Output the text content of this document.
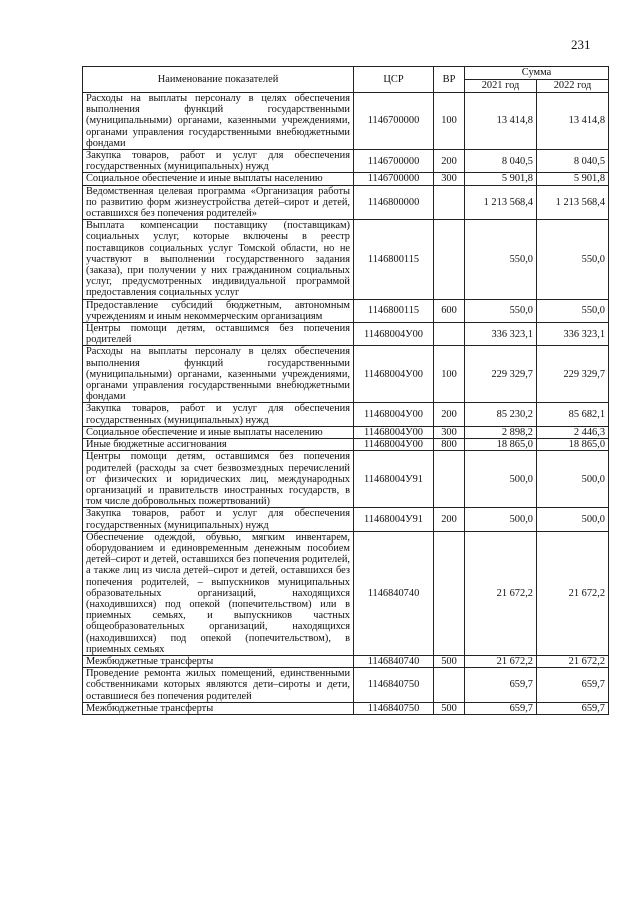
231
Наименование показателей	ЦСР	ВР	Сумма	
			2021 год	2022 год
Расходы на выплаты персоналу в целях обеспечения выполнения функций государственными (муниципальными) органами, казенными учреждениями, органами управления государственными внебюджетными фондами	1146700000	100	13 414,8	13 414,8
Закупка товаров, работ и услуг для обеспечения государственных (муниципальных) нужд	1146700000	200	8 040,5	8 040,5
Социальное обеспечение и иные выплаты населению	1146700000	300	5 901,8	5 901,8
Ведомственная целевая программа «Организация работы по развитию форм жизнеустройства детей–сирот и детей, оставшихся без попечения родителей»	1146800000		1 213 568,4	1 213 568,4
Выплата компенсации поставщику (поставщикам) социальных услуг, которые включены в реестр поставщиков социальных услуг Томской области, но не участвуют в выполнении государственного задания (заказа), при получении у них гражданином социальных услуг, предусмотренных индивидуальной программой предоставления социальных услуг	1146800115		550,0	550,0
Предоставление субсидий бюджетным, автономным учреждениям и иным некоммерческим организациям	1146800115	600	550,0	550,0
Центры помощи детям, оставшимся без попечения родителей	11468004У00		336 323,1	336 323,1
Расходы на выплаты персоналу в целях обеспечения выполнения функций государственными (муниципальными) органами, казенными учреждениями, органами управления государственными внебюджетными фондами	11468004У00	100	229 329,7	229 329,7
Закупка товаров, работ и услуг для обеспечения государственных (муниципальных) нужд	11468004У00	200	85 230,2	85 682,1
Социальное обеспечение и иные выплаты населению	11468004У00	300	2 898,2	2 446,3
Иные бюджетные ассигнования	11468004У00	800	18 865,0	18 865,0
Центры помощи детям, оставшимся без попечения родителей (расходы за счет безвозмездных перечислений от физических и юридических лиц, международных организаций и правительств иностранных государств, в том числе добровольных пожертвований)	11468004У91		500,0	500,0
Закупка товаров, работ и услуг для обеспечения государственных (муниципальных) нужд	11468004У91	200	500,0	500,0
Обеспечение одеждой, обувью, мягким инвентарем, оборудованием и единовременным денежным пособием детей–сирот и детей, оставшихся без попечения родителей, а также лиц из числа детей–сирот и детей, оставшихся без попечения родителей, – выпускников муниципальных образовательных организаций, находящихся (находившихся) под опекой (попечительством) или в приемных семьях, и выпускников частных общеобразовательных организаций, находящихся (находившихся) под опекой (попечительством), в приемных семьях	1146840740		21 672,2	21 672,2
Межбюджетные трансферты	1146840740	500	21 672,2	21 672,2
Проведение ремонта жилых помещений, единственными собственниками которых являются дети–сироты и дети, оставшиеся без попечения родителей	1146840750		659,7	659,7
Межбюджетные трансферты	1146840750	500	659,7	659,7
